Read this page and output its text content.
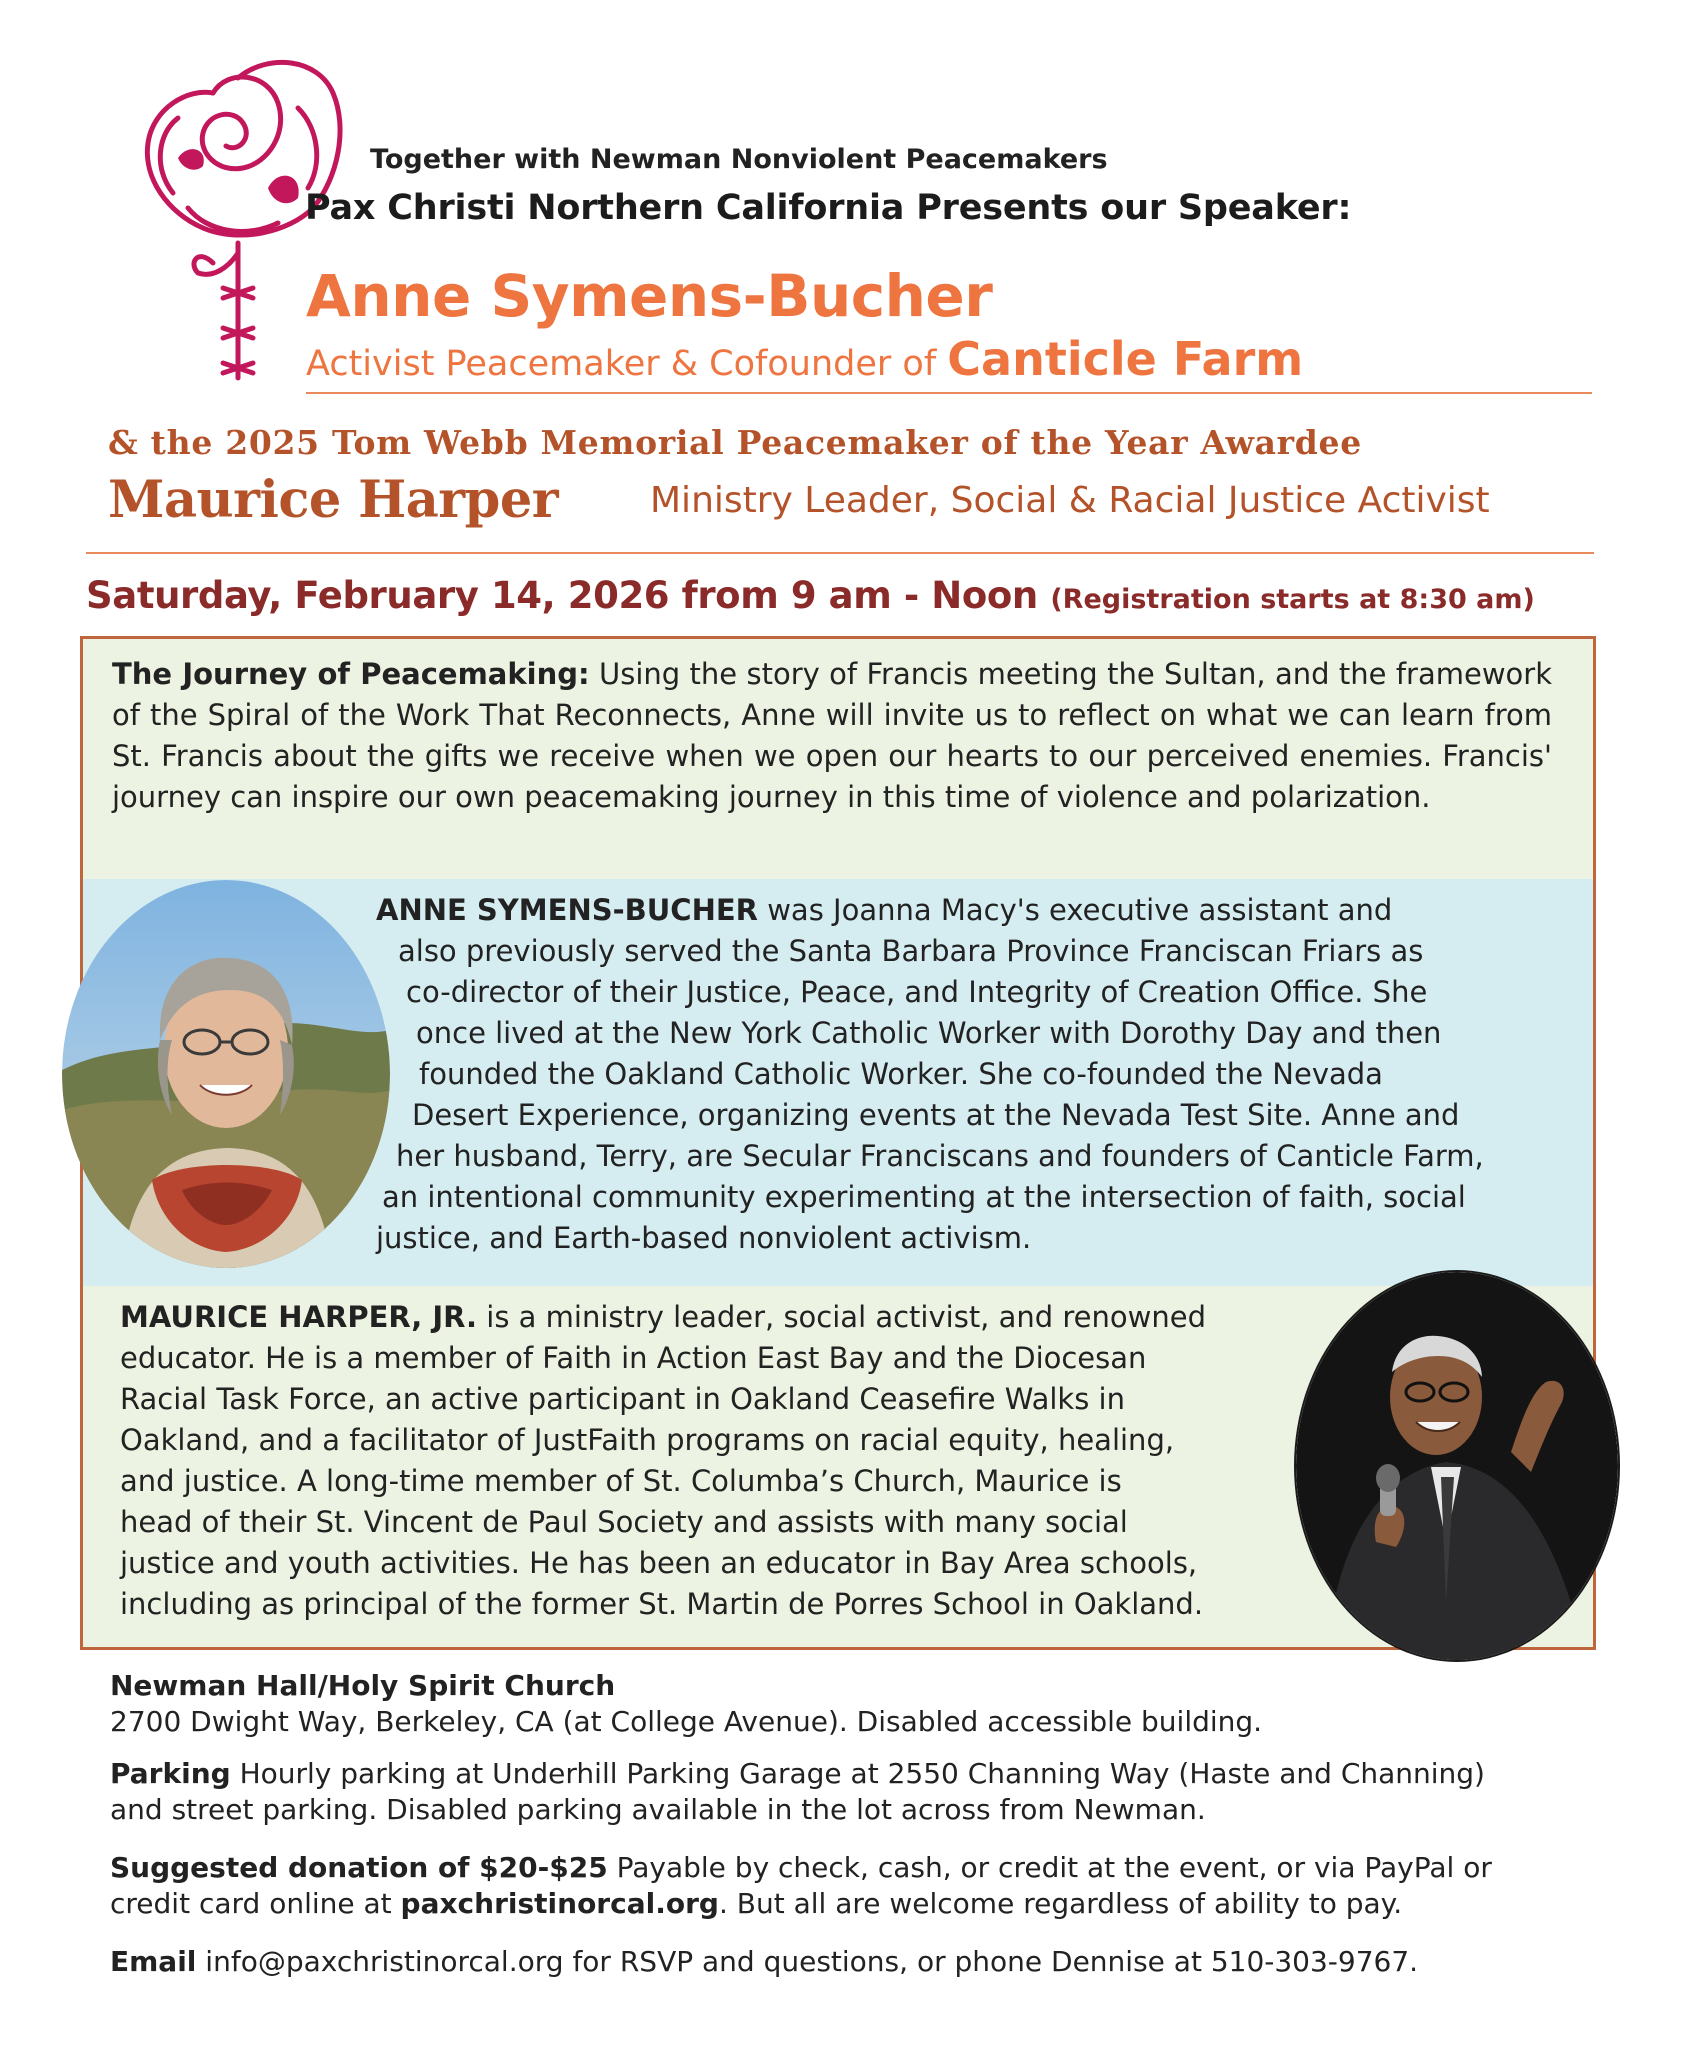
Together with Newman Nonviolent Peacemakers
Pax Christi Northern California Presents our Speaker:
Anne Symens-Bucher
Activist Peacemaker & Cofounder of Canticle Farm
& the 2025 Tom Webb Memorial Peacemaker of the Year Awardee
Maurice Harper	Ministry Leader, Social & Racial Justice Activist
Saturday, February 14, 2026 from 9 am - Noon (Registration starts at 8:30 am)
The Journey of Peacemaking: Using the story of Francis meeting the Sultan, and the framework of the Spiral of the Work That Reconnects, Anne will invite us to reflect on what we can learn from St. Francis about the gifts we receive when we open our hearts to our perceived enemies. Francis' journey can inspire our own peacemaking journey in this time of violence and polarization.
ANNE SYMENS-BUCHER was Joanna Macy's executive assistant and
also previously served the Santa Barbara Province Franciscan Friars as
co-director of their Justice, Peace, and Integrity of Creation Office. She
once lived at the New York Catholic Worker with Dorothy Day and then
founded the Oakland Catholic Worker. She co-founded the Nevada
Desert Experience, organizing events at the Nevada Test Site. Anne and
her husband, Terry, are Secular Franciscans and founders of Canticle Farm,
an intentional community experimenting at the intersection of faith, social
justice, and Earth-based nonviolent activism.
MAURICE HARPER, JR. is a ministry leader, social activist, and renowned
educator. He is a member of Faith in Action East Bay and the Diocesan
Racial Task Force, an active participant in Oakland Ceasefire Walks in
Oakland, and a facilitator of JustFaith programs on racial equity, healing,
and justice. A long-time member of St. Columba’s Church, Maurice is
head of their St. Vincent de Paul Society and assists with many social
justice and youth activities. He has been an educator in Bay Area schools,
including as principal of the former St. Martin de Porres School in Oakland.
Newman Hall/Holy Spirit Church
2700 Dwight Way, Berkeley, CA (at College Avenue). Disabled accessible building.
Parking Hourly parking at Underhill Parking Garage at 2550 Channing Way (Haste and Channing)
and street parking. Disabled parking available in the lot across from Newman.
Suggested donation of $20-$25 Payable by check, cash, or credit at the event, or via PayPal or
credit card online at paxchristinorcal.org. But all are welcome regardless of ability to pay.
Email info@paxchristinorcal.org for RSVP and questions, or phone Dennise at 510-303-9767.
